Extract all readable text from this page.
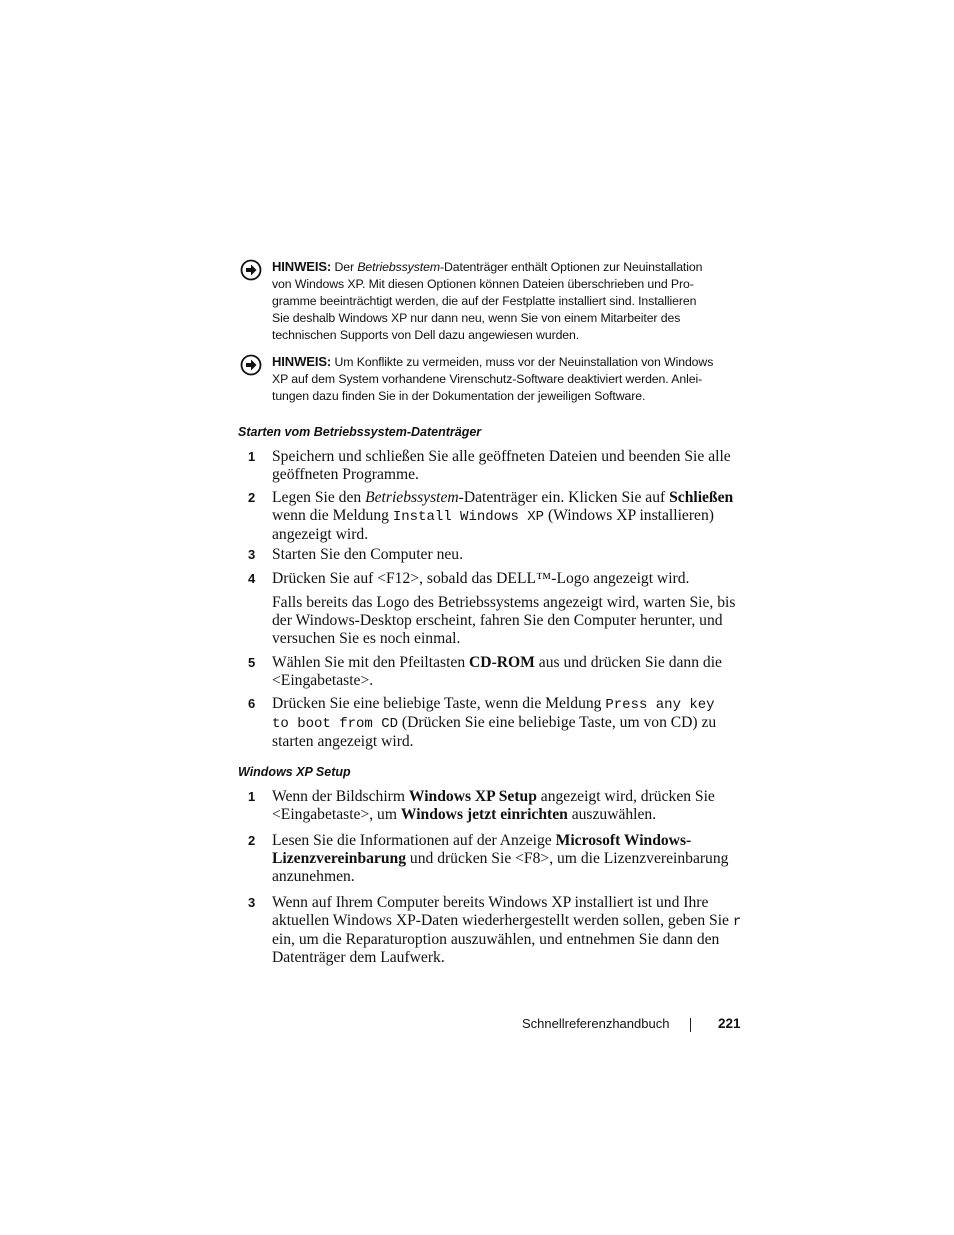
HINWEIS: Der Betriebssystem-Datenträger enthält Optionen zur Neuinstallation
von Windows XP. Mit diesen Optionen können Dateien überschrieben und Pro-
gramme beeinträchtigt werden, die auf der Festplatte installiert sind. Installieren
Sie deshalb Windows XP nur dann neu, wenn Sie von einem Mitarbeiter des
technischen Supports von Dell dazu angewiesen wurden.
HINWEIS: Um Konflikte zu vermeiden, muss vor der Neuinstallation von Windows
XP auf dem System vorhandene Virenschutz-Software deaktiviert werden. Anlei-
tungen dazu finden Sie in der Dokumentation der jeweiligen Software.
Starten vom Betriebssystem-Datenträger
1 Speichern und schließen Sie alle geöffneten Dateien und beenden Sie alle
geöffneten Programme.
2 Legen Sie den Betriebssystem-Datenträger ein. Klicken Sie auf Schließen
wenn die Meldung Install Windows XP (Windows XP installieren)
angezeigt wird.
3 Starten Sie den Computer neu.
4 Drücken Sie auf <F12>, sobald das DELL™-Logo angezeigt wird.
Falls bereits das Logo des Betriebssystems angezeigt wird, warten Sie, bis
der Windows-Desktop erscheint, fahren Sie den Computer herunter, und
versuchen Sie es noch einmal.
5 Wählen Sie mit den Pfeiltasten CD-ROM aus und drücken Sie dann die
<Eingabetaste>.
6 Drücken Sie eine beliebige Taste, wenn die Meldung Press any key
to boot from CD (Drücken Sie eine beliebige Taste, um von CD) zu
starten angezeigt wird.
Windows XP Setup
1 Wenn der Bildschirm Windows XP Setup angezeigt wird, drücken Sie
<Eingabetaste>, um Windows jetzt einrichten auszuwählen.
2 Lesen Sie die Informationen auf der Anzeige Microsoft Windows-
Lizenzvereinbarung und drücken Sie <F8>, um die Lizenzvereinbarung
anzunehmen.
3 Wenn auf Ihrem Computer bereits Windows XP installiert ist und Ihre
aktuellen Windows XP-Daten wiederhergestellt werden sollen, geben Sie r
ein, um die Reparaturoption auszuwählen, und entnehmen Sie dann den
Datenträger dem Laufwerk.
Schnellreferenzhandbuch	221
